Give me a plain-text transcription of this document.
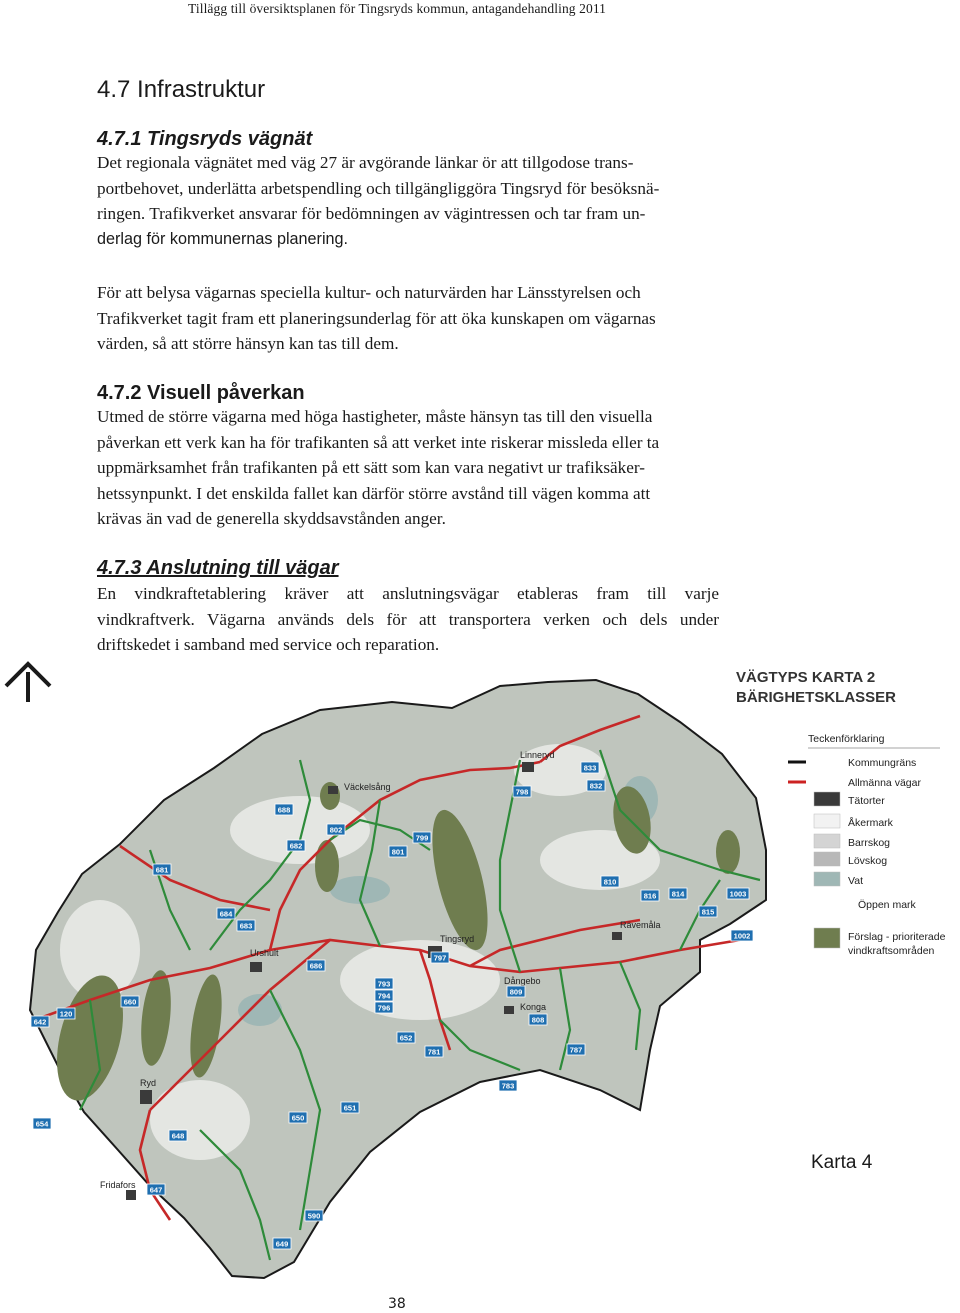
Tillägg till översiktsplanen för Tingsryds kommun, antagandehandling 2011
4.7 Infrastruktur
4.7.1 Tingsryds vägnät

Det regionala vägnätet med väg 27 är avgörande länkar ör att tillgodose trans-

portbehovet, underlätta arbetspendling och tillgängliggöra Tingsryd för besöksnä-

ringen. Trafikverket ansvarar för bedömningen av vägintressen och tar fram un-

derlag för kommunernas planering.

För att belysa vägarnas speciella kultur- och naturvärden har Länsstyrelsen och

Trafikverket tagit fram ett planeringsunderlag för att öka kunskapen om vägarnas

värden, så att större hänsyn kan tas till dem.

4.7.2 Visuell påverkan

Utmed de större vägarna med höga hastigheter, måste hänsyn tas till den visuella

påverkan ett verk kan ha för trafikanten så att verket inte riskerar missleda eller ta

uppmärksamhet från trafikanten på ett sätt som kan vara negativt ur trafiksäker-

hetssynpunkt. I det enskilda fallet kan därför större avstånd till vägen komma att

krävas än vad de generella skyddsavstånden anger.

4.7.3 Anslutning till vägar

En vindkraftetablering kräver att anslutningsvägar etableras fram till varje

vindkraftverk. Vägarna används dels för att transportera verken och dels under

driftskedet i samband med service och reparation.

Linneryd
Väckelsång
Urshult
Tingsryd
Dångebo
Rävemåla
Konga
Ryd
Fridafors
833
798
832
688
802
799
682
801
681
684
683
810
816 814	1003
815
797
686
793
794
796
809
808
660
642
120
781	787
650
651
654
648
647
590
649
652
783
1002
VÄGTYPS KARTA 2
BÄRIGHETSKLASSER
Teckenförklaring
Kommungräns
Allmänna vägar
Tätorter
Åkermark
Barrskog
Lövskog
Vat
Öppen mark
Förslag - prioriterade
vindkraftsområden
Karta 4
38
